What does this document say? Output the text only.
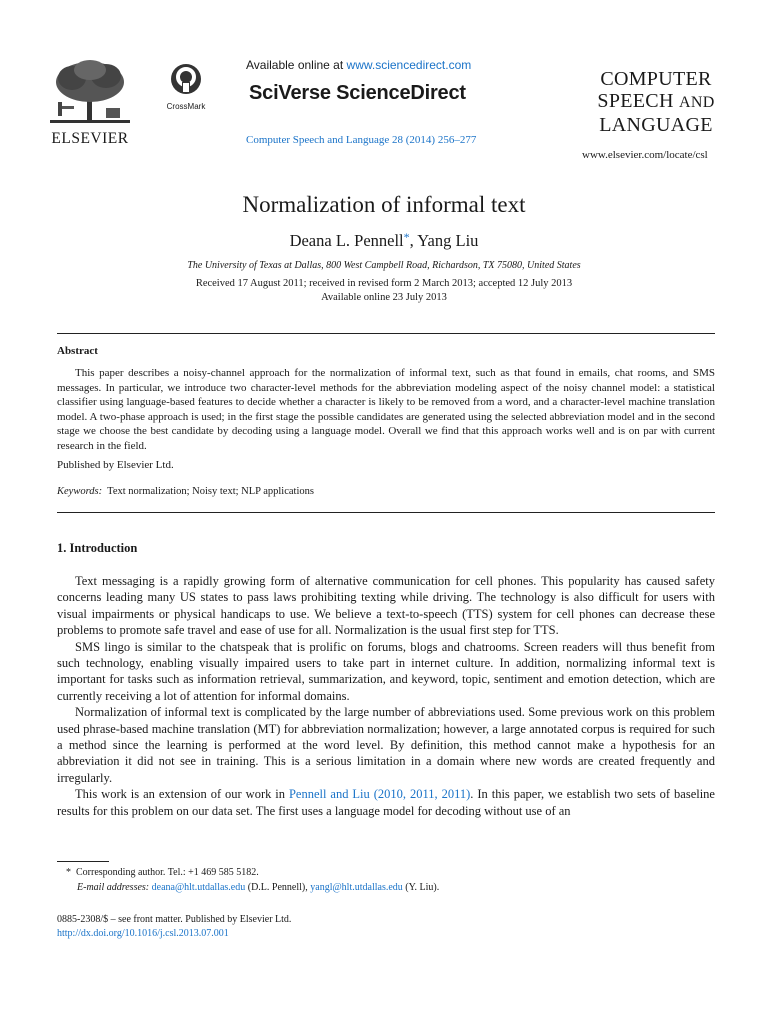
ELSEVIER
CrossMark
Available online at www.sciencedirect.com
SciVerse ScienceDirect
Computer Speech and Language 28 (2014) 256–277
COMPUTER
SPEECH AND
LANGUAGE
www.elsevier.com/locate/csl
Normalization of informal text
Deana L. Pennell*, Yang Liu
The University of Texas at Dallas, 800 West Campbell Road, Richardson, TX 75080, United States
Received 17 August 2011; received in revised form 2 March 2013; accepted 12 July 2013
Available online 23 July 2013
Abstract

This paper describes a noisy-channel approach for the normalization of informal text, such as that found in emails, chat rooms, and SMS messages. In particular, we introduce two character-level methods for the abbreviation modeling aspect of the noisy channel model: a statistical classifier using language-based features to decide whether a character is likely to be removed from a word, and a character-level machine translation model. A two-phase approach is used; in the first stage the possible candidates are generated using the selected abbreviation model and in the second stage we choose the best candidate by decoding using a language model. Overall we find that this approach works well and is on par with current research in the field.

Published by Elsevier Ltd.
Keywords: Text normalization; Noisy text; NLP applications
1. Introduction

Text messaging is a rapidly growing form of alternative communication for cell phones. This popularity has caused safety concerns leading many US states to pass laws prohibiting texting while driving. The technology is also difficult for users with visual impairments or physical handicaps to use. We believe a text-to-speech (TTS) system for cell phones can decrease these problems to promote safe travel and ease of use for all. Normalization is the usual first step for TTS.

SMS lingo is similar to the chatspeak that is prolific on forums, blogs and chatrooms. Screen readers will thus benefit from such technology, enabling visually impaired users to take part in internet culture. In addition, normalizing informal text is important for tasks such as information retrieval, summarization, and keyword, topic, sentiment and emotion detection, which are currently receiving a lot of attention for informal domains.

Normalization of informal text is complicated by the large number of abbreviations used. Some previous work on this problem used phrase-based machine translation (MT) for abbreviation normalization; however, a large annotated corpus is required for such a method since the learning is performed at the word level. By definition, this method cannot make a hypothesis for an abbreviation it did not see in training. This is a serious limitation in a domain where new words are created frequently and irregularly.

This work is an extension of our work in Pennell and Liu (2010, 2011, 2011). In this paper, we establish two sets of baseline results for this problem on our data set. The first uses a language model for decoding without use of an

* Corresponding author. Tel.: +1 469 585 5182.
E-mail addresses: deana@hlt.utdallas.edu (D.L. Pennell), yangl@hlt.utdallas.edu (Y. Liu).
0885-2308/$ – see front matter. Published by Elsevier Ltd.
http://dx.doi.org/10.1016/j.csl.2013.07.001
